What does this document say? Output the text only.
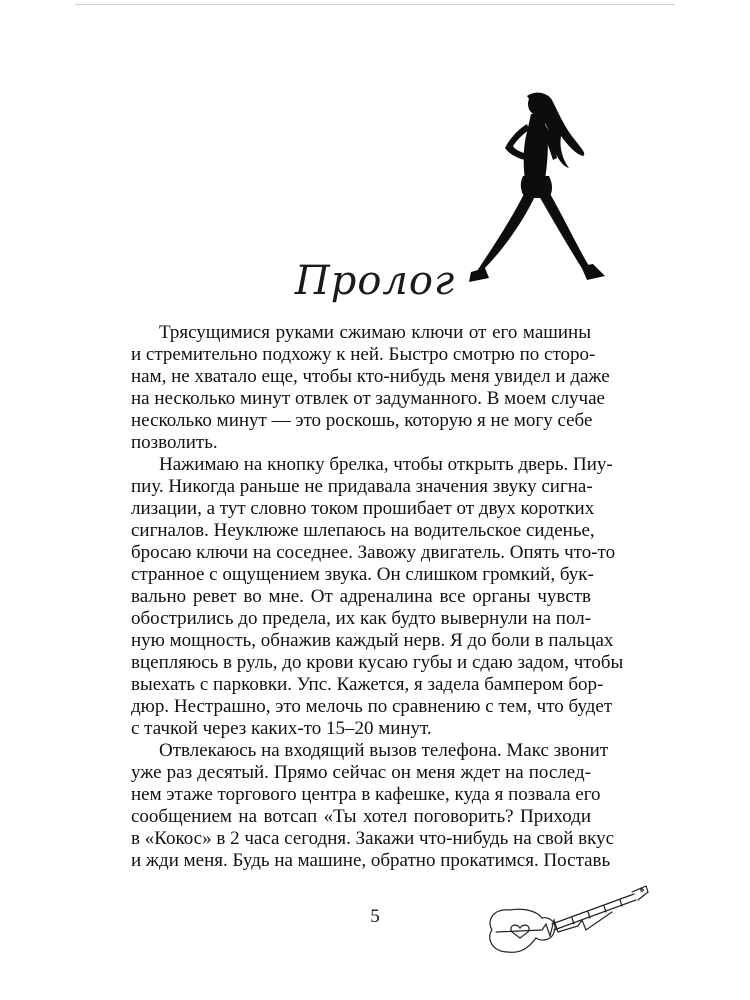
Пролог
Трясущимися руками сжимаю ключи от его машины
и стремительно подхожу к ней. Быстро смотрю по сторо-
нам, не хватало еще, чтобы кто-нибудь меня увидел и даже
на несколько минут отвлек от задуманного. В моем случае
несколько минут — это роскошь, которую я не могу себе
позволить.
Нажимаю на кнопку брелка, чтобы открыть дверь. Пиу-
пиу. Никогда раньше не придавала значения звуку сигна-
лизации, а тут словно током прошибает от двух коротких
сигналов. Неуклюже шлепаюсь на водительское сиденье,
бросаю ключи на соседнее. Завожу двигатель. Опять что-то
странное с ощущением звука. Он слишком громкий, бук-
вально ревет во мне. От адреналина все органы чувств
обострились до предела, их как будто вывернули на пол-
ную мощность, обнажив каждый нерв. Я до боли в пальцах
вцепляюсь в руль, до крови кусаю губы и сдаю задом, чтобы
выехать с парковки. Упс. Кажется, я задела бампером бор-
дюр. Нестрашно, это мелочь по сравнению с тем, что будет
с тачкой через каких-то 15–20 минут.
Отвлекаюсь на входящий вызов телефона. Макс звонит
уже раз десятый. Прямо сейчас он меня ждет на послед-
нем этаже торгового центра в кафешке, куда я позвала его
сообщением на вотсап «Ты хотел поговорить? Приходи
в «Кокос» в 2 часа сегодня. Закажи что-нибудь на свой вкус
и жди меня. Будь на машине, обратно прокатимся. Поставь
5
